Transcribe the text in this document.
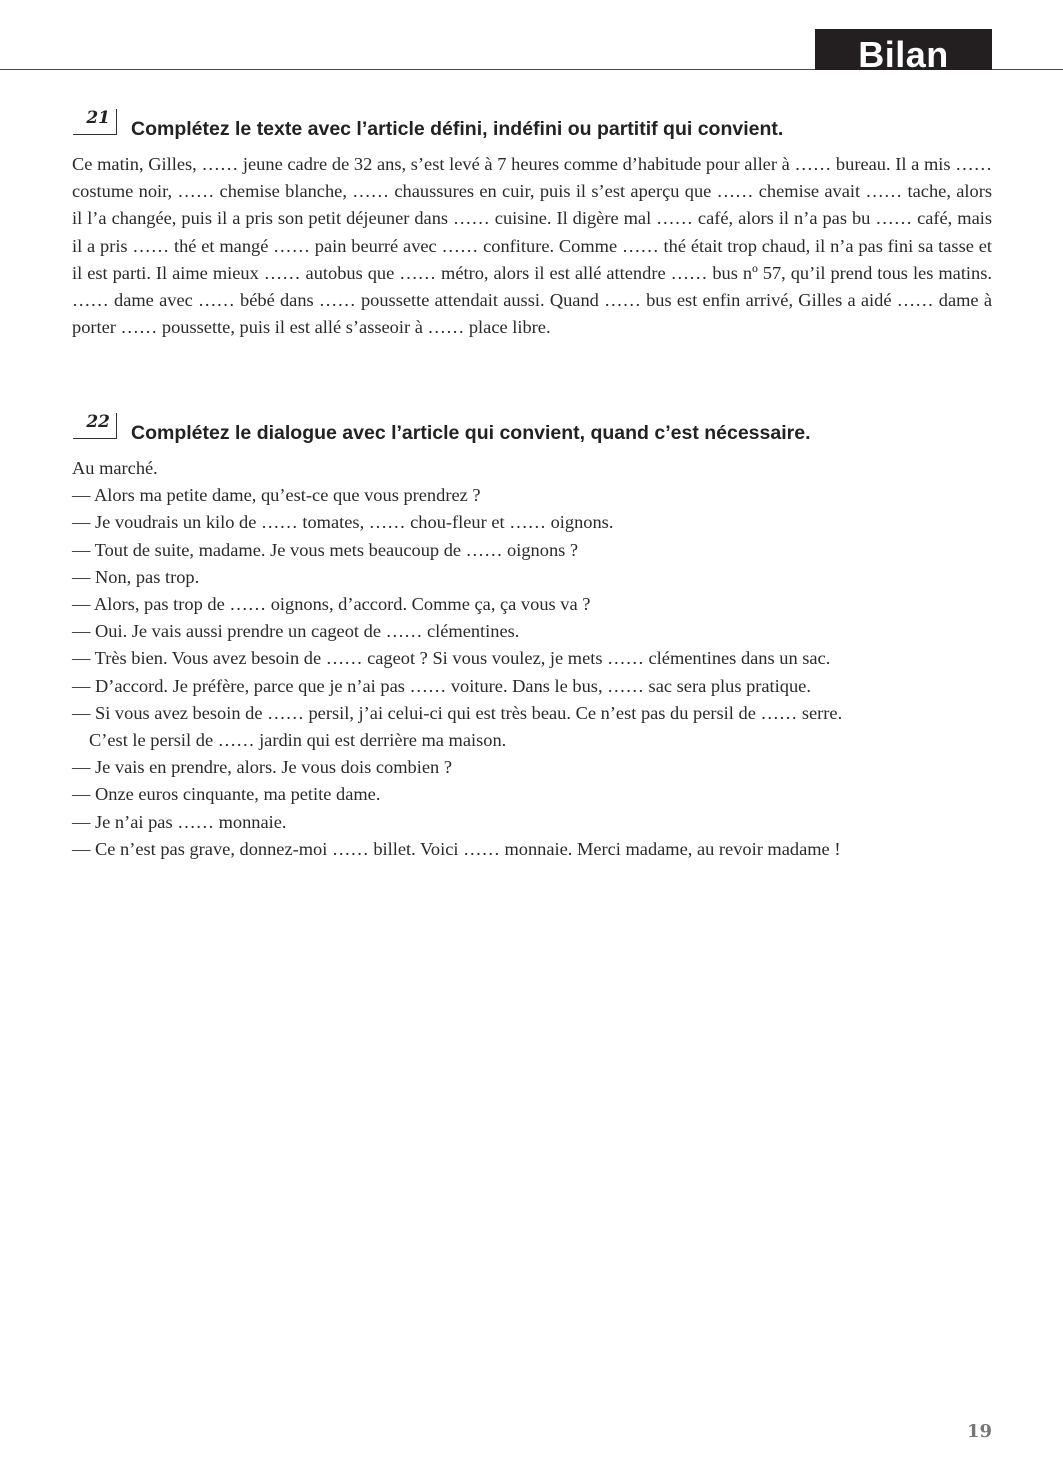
Bilan
21	Complétez le texte avec l’article défini, indéfini ou partitif qui convient.
Ce matin, Gilles, …… jeune cadre de 32 ans, s’est levé à 7 heures comme d’habitude pour aller à …… bureau. Il a mis …… costume noir, …… chemise blanche, …… chaussures en cuir, puis il s’est aperçu que …… chemise avait …… tache, alors il l’a changée, puis il a pris son petit déjeuner dans …… cuisine. Il digère mal …… café, alors il n’a pas bu …… café, mais il a pris …… thé et mangé …… pain beurré avec …… confiture. Comme …… thé était trop chaud, il n’a pas fini sa tasse et il est parti. Il aime mieux …… autobus que …… métro, alors il est allé attendre …… bus nº 57, qu’il prend tous les matins. …… dame avec …… bébé dans …… poussette attendait aussi. Quand …… bus est enfin arrivé, Gilles a aidé …… dame à porter …… poussette, puis il est allé s’asseoir à …… place libre.
22	Complétez le dialogue avec l’article qui convient, quand c’est nécessaire.
Au marché.
— Alors ma petite dame, qu’est-ce que vous prendrez ?
— Je voudrais un kilo de …… tomates, …… chou-fleur et …… oignons.
— Tout de suite, madame. Je vous mets beaucoup de …… oignons ?
— Non, pas trop.
— Alors, pas trop de …… oignons, d’accord. Comme ça, ça vous va ?
— Oui. Je vais aussi prendre un cageot de …… clémentines.
— Très bien. Vous avez besoin de …… cageot ? Si vous voulez, je mets …… clémentines dans un sac.
— D’accord. Je préfère, parce que je n’ai pas …… voiture. Dans le bus, …… sac sera plus pratique.
— Si vous avez besoin de …… persil, j’ai celui-ci qui est très beau. Ce n’est pas du persil de …… serre.
C’est le persil de …… jardin qui est derrière ma maison.
— Je vais en prendre, alors. Je vous dois combien ?
— Onze euros cinquante, ma petite dame.
— Je n’ai pas …… monnaie.
— Ce n’est pas grave, donnez-moi …… billet. Voici …… monnaie. Merci madame, au revoir madame !
19
